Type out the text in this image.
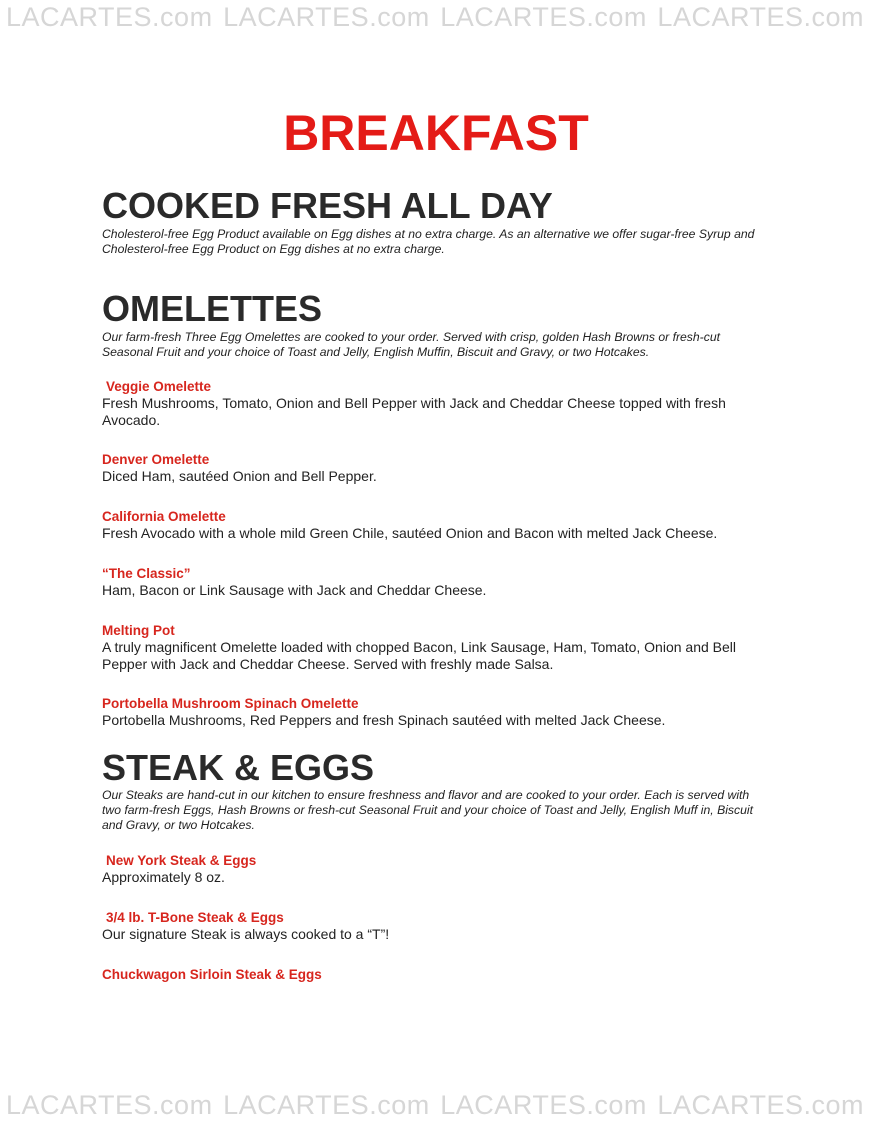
LACARTES.com LACARTES.com LACARTES.com LACARTES.com
BREAKFAST
COOKED FRESH ALL DAY

Cholesterol-free Egg Product available on Egg dishes at no extra charge. As an alternative we offer sugar-free Syrup and Cholesterol-free Egg Product on Egg dishes at no extra charge.

OMELETTES

Our farm-fresh Three Egg Omelettes are cooked to your order. Served with crisp, golden Hash Browns or fresh-cut Seasonal Fruit and your choice of Toast and Jelly, English Muffin, Biscuit and Gravy, or two Hotcakes.

Veggie Omelette

Fresh Mushrooms, Tomato, Onion and Bell Pepper with Jack and Cheddar Cheese topped with fresh Avocado.

Denver Omelette

Diced Ham, sautéed Onion and Bell Pepper.

California Omelette

Fresh Avocado with a whole mild Green Chile, sautéed Onion and Bacon with melted Jack Cheese.

“The Classic”

Ham, Bacon or Link Sausage with Jack and Cheddar Cheese.

Melting Pot

A truly magnificent Omelette loaded with chopped Bacon, Link Sausage, Ham, Tomato, Onion and Bell Pepper with Jack and Cheddar Cheese. Served with freshly made Salsa.

Portobella Mushroom Spinach Omelette

Portobella Mushrooms, Red Peppers and fresh Spinach sautéed with melted Jack Cheese.

STEAK & EGGS

Our Steaks are hand-cut in our kitchen to ensure freshness and flavor and are cooked to your order. Each is served with two farm-fresh Eggs, Hash Browns or fresh-cut Seasonal Fruit and your choice of Toast and Jelly, English Muff in, Biscuit and Gravy, or two Hotcakes.

New York Steak & Eggs

Approximately 8 oz.

3/4 lb. T-Bone Steak & Eggs

Our signature Steak is always cooked to a “T”!

Chuckwagon Sirloin Steak & Eggs

LACARTES.com LACARTES.com LACARTES.com LACARTES.com
